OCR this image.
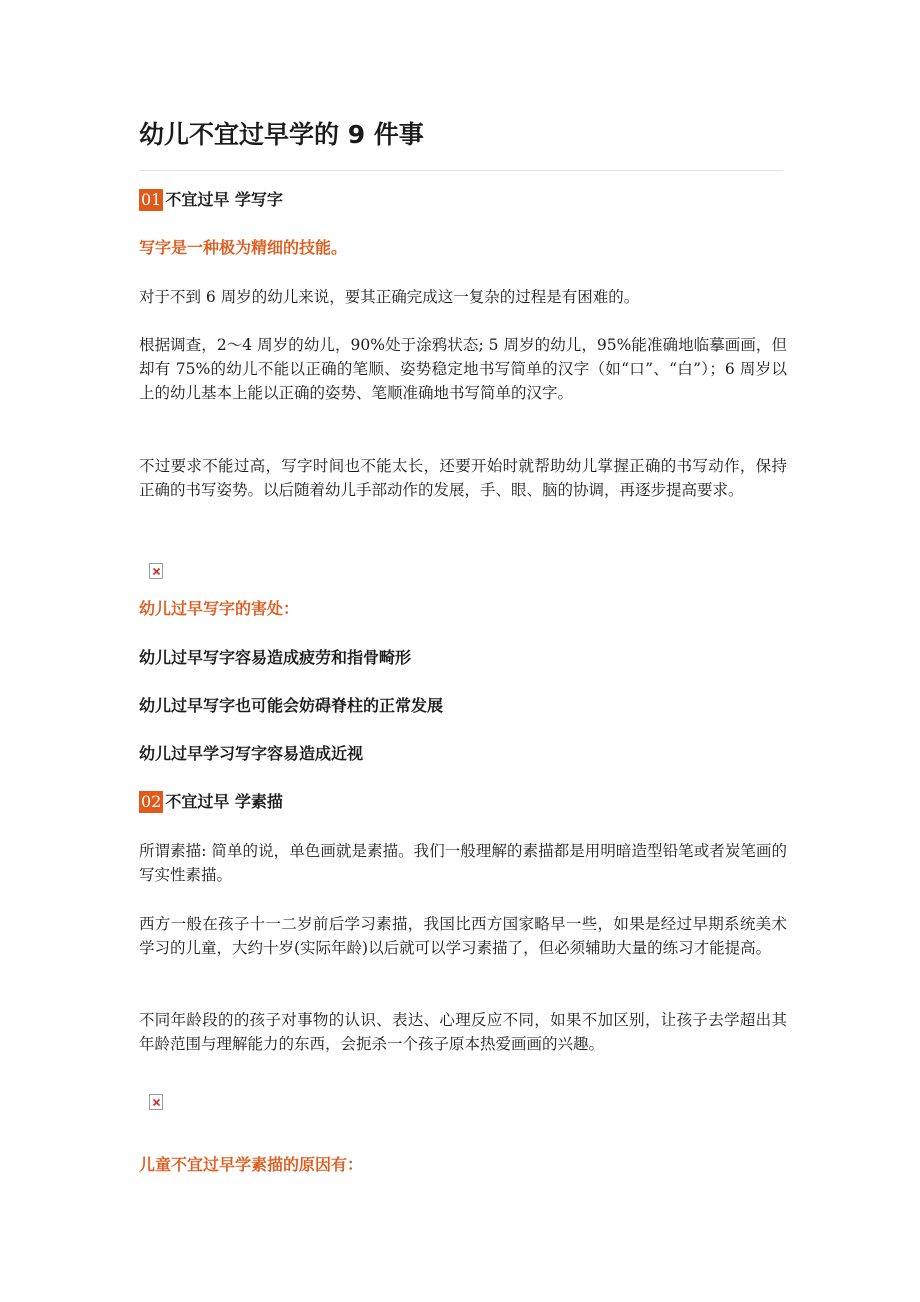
幼儿不宜过早学的 9 件事
01 不宜过早 学写字
写字是一种极为精细的技能。
对于不到 6 周岁的幼儿来说，要其正确完成这一复杂的过程是有困难的。
根据调查，2～4 周岁的幼儿，90%处于涂鸦状态; 5 周岁的幼儿，95%能准确地临摹画画，但却有 75%的幼儿不能以正确的笔顺、姿势稳定地书写简单的汉字（如“口”、“白”）；6 周岁以上的幼儿基本上能以正确的姿势、笔顺准确地书写简单的汉字。
不过要求不能过高，写字时间也不能太长，还要开始时就帮助幼儿掌握正确的书写动作，保持正确的书写姿势。以后随着幼儿手部动作的发展，手、眼、脑的协调，再逐步提高要求。
幼儿过早写字的害处：
幼儿过早写字容易造成疲劳和指骨畸形
幼儿过早写字也可能会妨碍脊柱的正常发展
幼儿过早学习写字容易造成近视
02 不宜过早 学素描
所谓素描: 简单的说，单色画就是素描。我们一般理解的素描都是用明暗造型铅笔或者炭笔画的写实性素描。
西方一般在孩子十一二岁前后学习素描，我国比西方国家略早一些，如果是经过早期系统美术学习的儿童，大约十岁(实际年龄)以后就可以学习素描了，但必须辅助大量的练习才能提高。
不同年龄段的的孩子对事物的认识、表达、心理反应不同，如果不加区别，让孩子去学超出其年龄范围与理解能力的东西，会扼杀一个孩子原本热爱画画的兴趣。
儿童不宜过早学素描的原因有：
